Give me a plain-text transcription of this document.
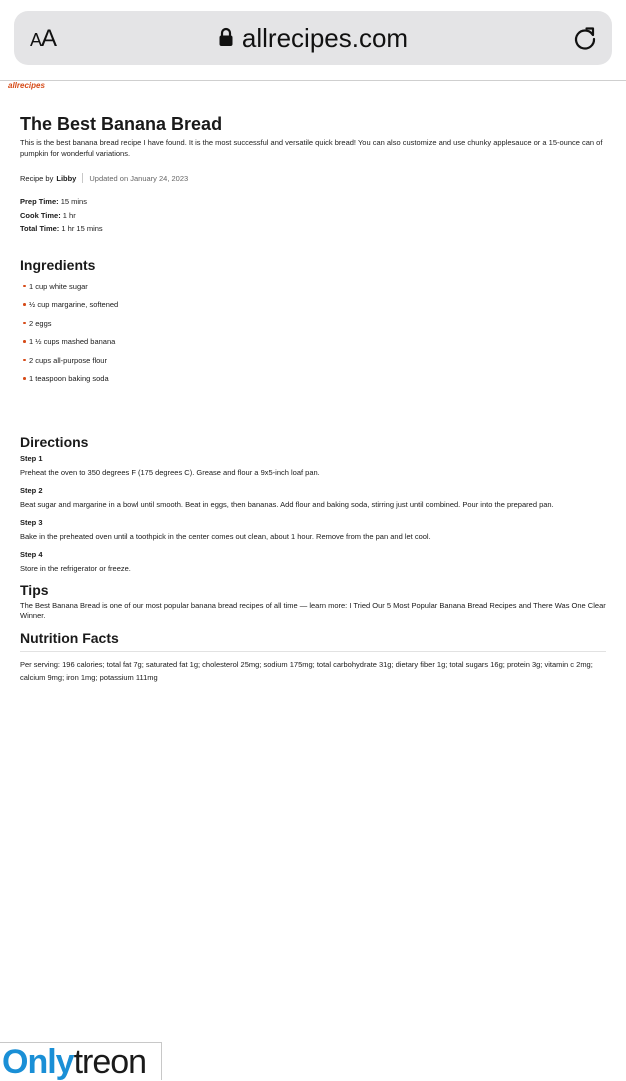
AA	allrecipes.com
allrecipes
The Best Banana Bread
This is the best banana bread recipe I have found. It is the most successful and versatile quick bread! You can also customize and use chunky applesauce or a 15-ounce can of pumpkin for wonderful variations.
Recipe by Libby Updated on January 24, 2023
Prep Time: 15 mins
Cook Time: 1 hr
Total Time: 1 hr 15 mins
Ingredients
1 cup white sugar
½ cup margarine, softened
2 eggs
1 ½ cups mashed banana
2 cups all-purpose flour
1 teaspoon baking soda
Directions
Step 1
Preheat the oven to 350 degrees F (175 degrees C). Grease and flour a 9x5-inch loaf pan.
Step 2
Beat sugar and margarine in a bowl until smooth. Beat in eggs, then bananas. Add flour and baking soda, stirring just until combined. Pour into the prepared pan.
Step 3
Bake in the preheated oven until a toothpick in the center comes out clean, about 1 hour. Remove from the pan and let cool.
Step 4
Store in the refrigerator or freeze.
Tips
The Best Banana Bread is one of our most popular banana bread recipes of all time — learn more: I Tried Our 5 Most Popular Banana Bread Recipes and There Was One Clear Winner.
Nutrition Facts
Per serving: 196 calories; total fat 7g; saturated fat 1g; cholesterol 25mg; sodium 175mg; total carbohydrate 31g; dietary fiber 1g; total sugars 16g; protein 3g; vitamin c 2mg; calcium 9mg; iron 1mg; potassium 111mg
Onlytreon
